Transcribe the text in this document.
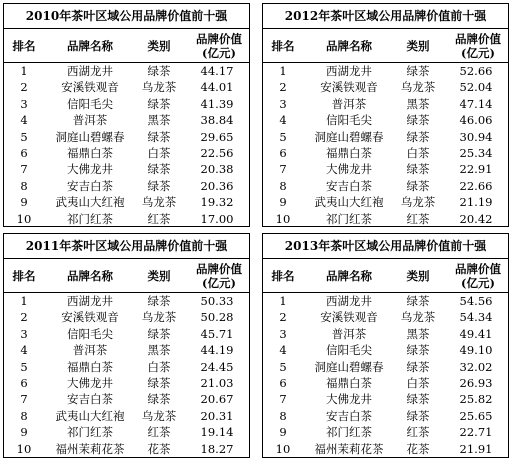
2010年茶叶区域公用品牌价值前十强
排名	品牌名称	类别	品牌价值
(亿元)
1	西湖龙井	绿茶	44.17
2	安溪铁观音	乌龙茶	44.01
3	信阳毛尖	绿茶	41.39
4	普洱茶	黑茶	38.84
5	洞庭山碧螺春	绿茶	29.65
6	福鼎白茶	白茶	22.56
7	大佛龙井	绿茶	20.38
8	安吉白茶	绿茶	20.36
9	武夷山大红袍	乌龙茶	19.32
10	祁门红茶	红茶	17.00
2012年茶叶区域公用品牌价值前十强
排名	品牌名称	类别	品牌价值
(亿元)
1	西湖龙井	绿茶	52.66
2	安溪铁观音	乌龙茶	52.04
3	普洱茶	黑茶	47.14
4	信阳毛尖	绿茶	46.06
5	洞庭山碧螺春	绿茶	30.94
6	福鼎白茶	白茶	25.34
7	大佛龙井	绿茶	22.91
8	安吉白茶	绿茶	22.66
9	武夷山大红袍	乌龙茶	21.19
10	祁门红茶	红茶	20.42
2011年茶叶区域公用品牌价值前十强
排名	品牌名称	类别	品牌价值
(亿元)
1	西湖龙井	绿茶	50.33
2	安溪铁观音	乌龙茶	50.28
3	信阳毛尖	绿茶	45.71
4	普洱茶	黑茶	44.19
5	福鼎白茶	白茶	24.45
6	大佛龙井	绿茶	21.03
7	安吉白茶	绿茶	20.67
8	武夷山大红袍	乌龙茶	20.31
9	祁门红茶	红茶	19.14
10	福州茉莉花茶	花茶	18.27
2013年茶叶区域公用品牌价值前十强
排名	品牌名称	类别	品牌价值
(亿元)
1	西湖龙井	绿茶	54.56
2	安溪铁观音	乌龙茶	54.34
3	普洱茶	黑茶	49.41
4	信阳毛尖	绿茶	49.10
5	洞庭山碧螺春	绿茶	32.02
6	福鼎白茶	白茶	26.93
7	大佛龙井	绿茶	25.82
8	安吉白茶	绿茶	25.65
9	祁门红茶	红茶	22.71
10	福州茉莉花茶	花茶	21.91
